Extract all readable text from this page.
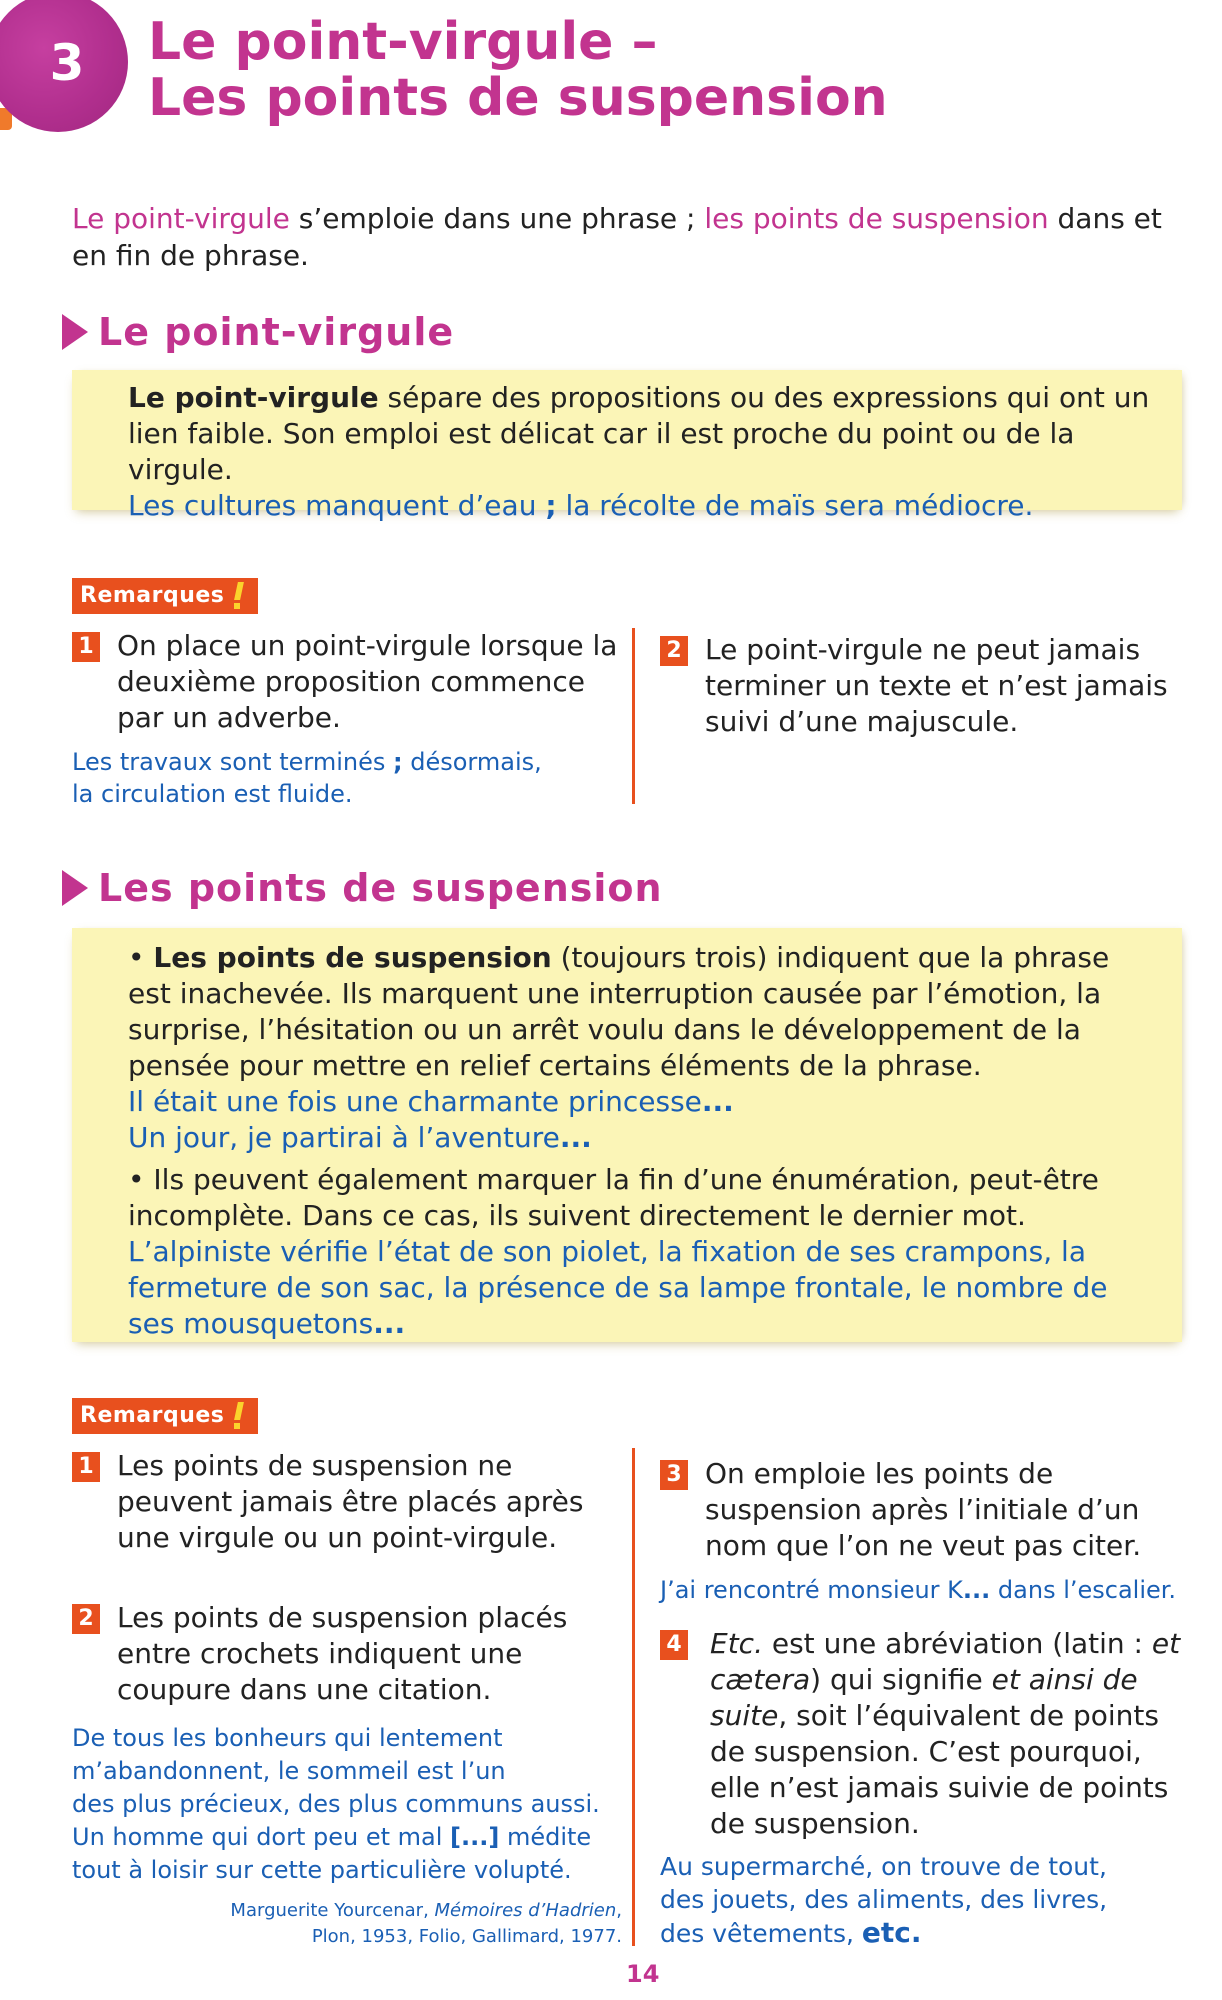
3 Le point-virgule –
Les points de suspension
Le point-virgule s’emploie dans une phrase ; les points de suspension dans et en fin de phrase.
Le point-virgule
Le point-virgule sépare des propositions ou des expressions qui ont un lien faible. Son emploi est délicat car il est proche du point ou de la virgule.
Les cultures manquent d’eau ; la récolte de maïs sera médiocre.
Remarques
1 On place un point-virgule lorsque la deuxième proposition commence par un adverbe.
Les travaux sont terminés ; désormais,
la circulation est fluide.
2 Le point-virgule ne peut jamais terminer un texte et n’est jamais suivi d’une majuscule.
Les points de suspension
• Les points de suspension (toujours trois) indiquent que la phrase est inachevée. Ils marquent une interruption causée par l’émotion, la surprise, l’hésitation ou un arrêt voulu dans le développement de la pensée pour mettre en relief certains éléments de la phrase.
Il était une fois une charmante princesse...
Un jour, je partirai à l’aventure...
• Ils peuvent également marquer la fin d’une énumération, peut-être incomplète. Dans ce cas, ils suivent directement le dernier mot.
L’alpiniste vérifie l’état de son piolet, la fixation de ses crampons, la fermeture de son sac, la présence de sa lampe frontale, le nombre de ses mousquetons...
Remarques
1 Les points de suspension ne peuvent jamais être placés après une virgule ou un point-virgule.
2 Les points de suspension placés entre crochets indiquent une coupure dans une citation.
De tous les bonheurs qui lentement
m’abandonnent, le sommeil est l’un
des plus précieux, des plus communs aussi.
Un homme qui dort peu et mal [...] médite
tout à loisir sur cette particulière volupté.
Marguerite Yourcenar, Mémoires d’Hadrien,
Plon, 1953, Folio, Gallimard, 1977.
3 On emploie les points de suspension après l’initiale d’un nom que l’on ne veut pas citer.
J’ai rencontré monsieur K... dans l’escalier.
4 Etc. est une abréviation (latin : et cætera) qui signifie et ainsi de suite, soit l’équivalent de points de suspension. C’est pourquoi, elle n’est jamais suivie de points de suspension.
Au supermarché, on trouve de tout,
des jouets, des aliments, des livres,
des vêtements, etc.
14
